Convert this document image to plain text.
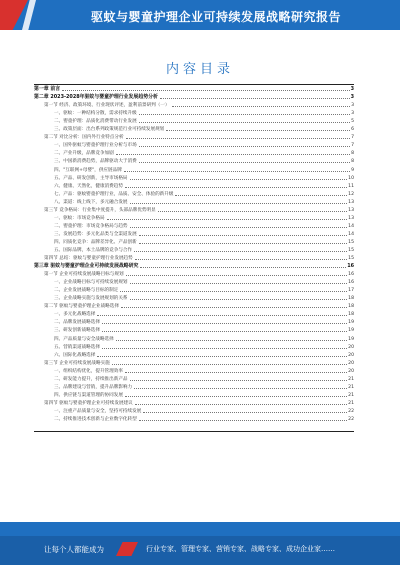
驱蚊与婴童护理企业可持续发展战略研究报告
内容目录
第一章 前言	3
第二章 2023-2028年驱蚊与婴童护理行业发展趋势分析	3
第一节 经济、政策环境、行业现状评述，盈利前景研判（一）	3
一、驱蚊：一种结构分散，需求持续升级	3
二、婴童护理：品质化消费带动行业发展	5
三、政策层面：出台系列政策规范行业可持续发展规划	6
第二节 对比分析：国内外行业特点分析	7
一、国外驱蚊与婴童护理行业分析与市场	7
二、产业升级，品牌竞争加剧	8
三、中国新消费趋势，品牌驱动大于消费	8
四、"互联网+母婴"，供应链品牌	9
五、产品、研发创新，主导市场格局	10
六、健康、天然化，健康消费趋势	11
七、产品：驱蚊婴童护理行业，品质、安全、体验的新升级	12
八、渠道：线上线下，多元融合发展	13
第三节 竞争格局：行业集中度提升，头部品牌优势明显	13
一、驱蚊：市场竞争格局	13
二、婴童护理：市场竞争格局与趋势	14
三、发展趋势：多元化品类与全渠道发展	14
四、同质化竞争：品牌差异化、产品创新	15
五、国际品牌，本土品牌的竞争与合作	15
第四节 总结：驱蚊与婴童护理行业发展趋势	15
第三章 驱蚊与婴童护理企业可持续发展战略研究	16
第一节 企业可持续发展战略目标与规划	16
一、企业战略目标与可持续发展规划	16
二、企业发展战略与目标的制定	17
三、企业战略实施与发展规划的关系	18
第二节 驱蚊与婴童护理企业战略选择	18
一、多元化战略选择	18
二、品牌发展战略选择	19
三、研发创新战略选择	19
四、产品质量与安全战略选择	19
五、营销渠道战略选择	20
六、国际化战略选择	20
第三节 企业可持续发展战略实施	20
一、组织结构优化，提升管理效率	20
二、研发能力提升，持续推出新产品	21
三、品牌建设与营销，提升品牌影响力	21
四、供应链与渠道管理的协同发展	21
第四节 驱蚊与婴童护理企业可持续发展建议	21
一、注重产品质量与安全，坚持可持续发展	22
二、持续推进技术创新与企业数字化转型	22
让每个人都能成为	行业专家、管理专家、营销专家、战略专家、成功企业家……
